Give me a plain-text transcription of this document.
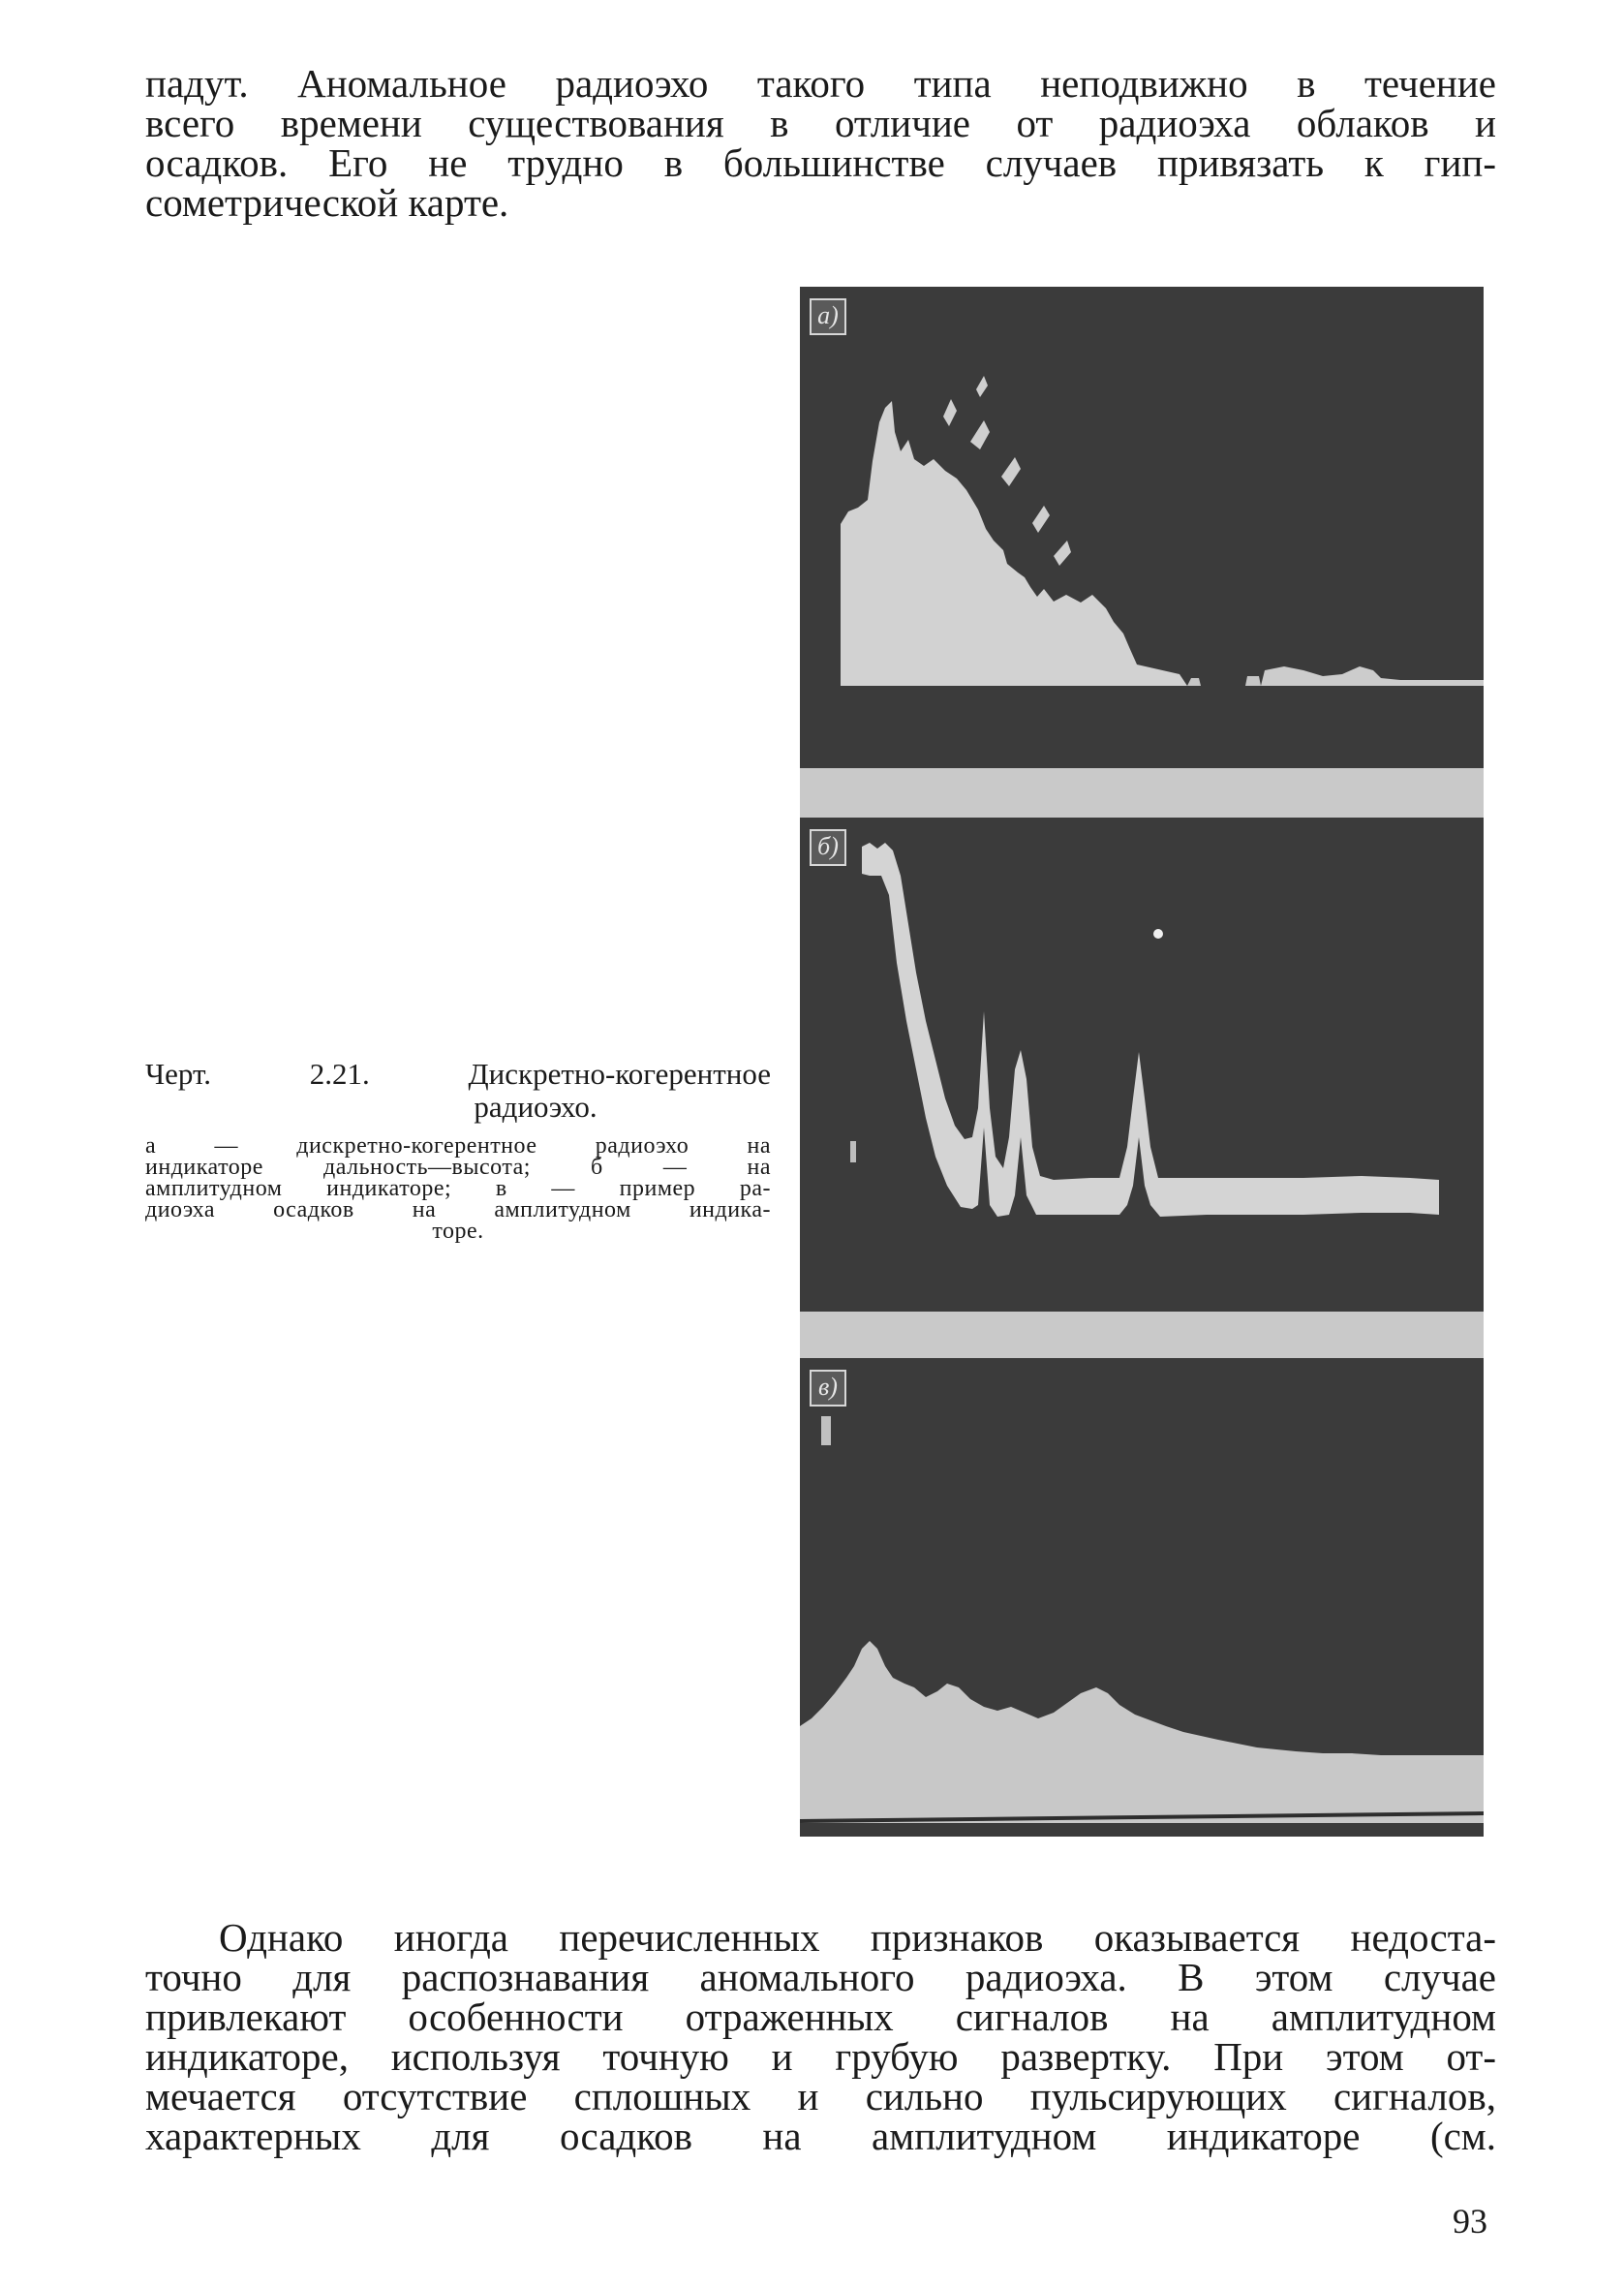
падут. Аномальное радиоэхо такого типа неподвижно в течение
всего времени существования в отличие от радиоэха облаков и
осадков. Его не трудно в большинстве случаев привязать к гип-
сометрической карте.
Черт.	2.21.	Дискретно-когерентное
радиоэхо.
а — дискретно-когерентное радиоэхо на
индикаторе дальность—высота; б — на
амплитудном индикаторе; в — пример ра-
диоэха осадков на амплитудном индика-
торе.
а)
б)
в)
Однако иногда перечисленных признаков оказывается недоста-
точно для распознавания аномального радиоэха. В этом случае
привлекают особенности отраженных сигналов на амплитудном
индикаторе, используя точную и грубую развертку. При этом от-
мечается отсутствие сплошных и сильно пульсирующих сигналов,
характерных для осадков на амплитудном индикаторе (см.
93
